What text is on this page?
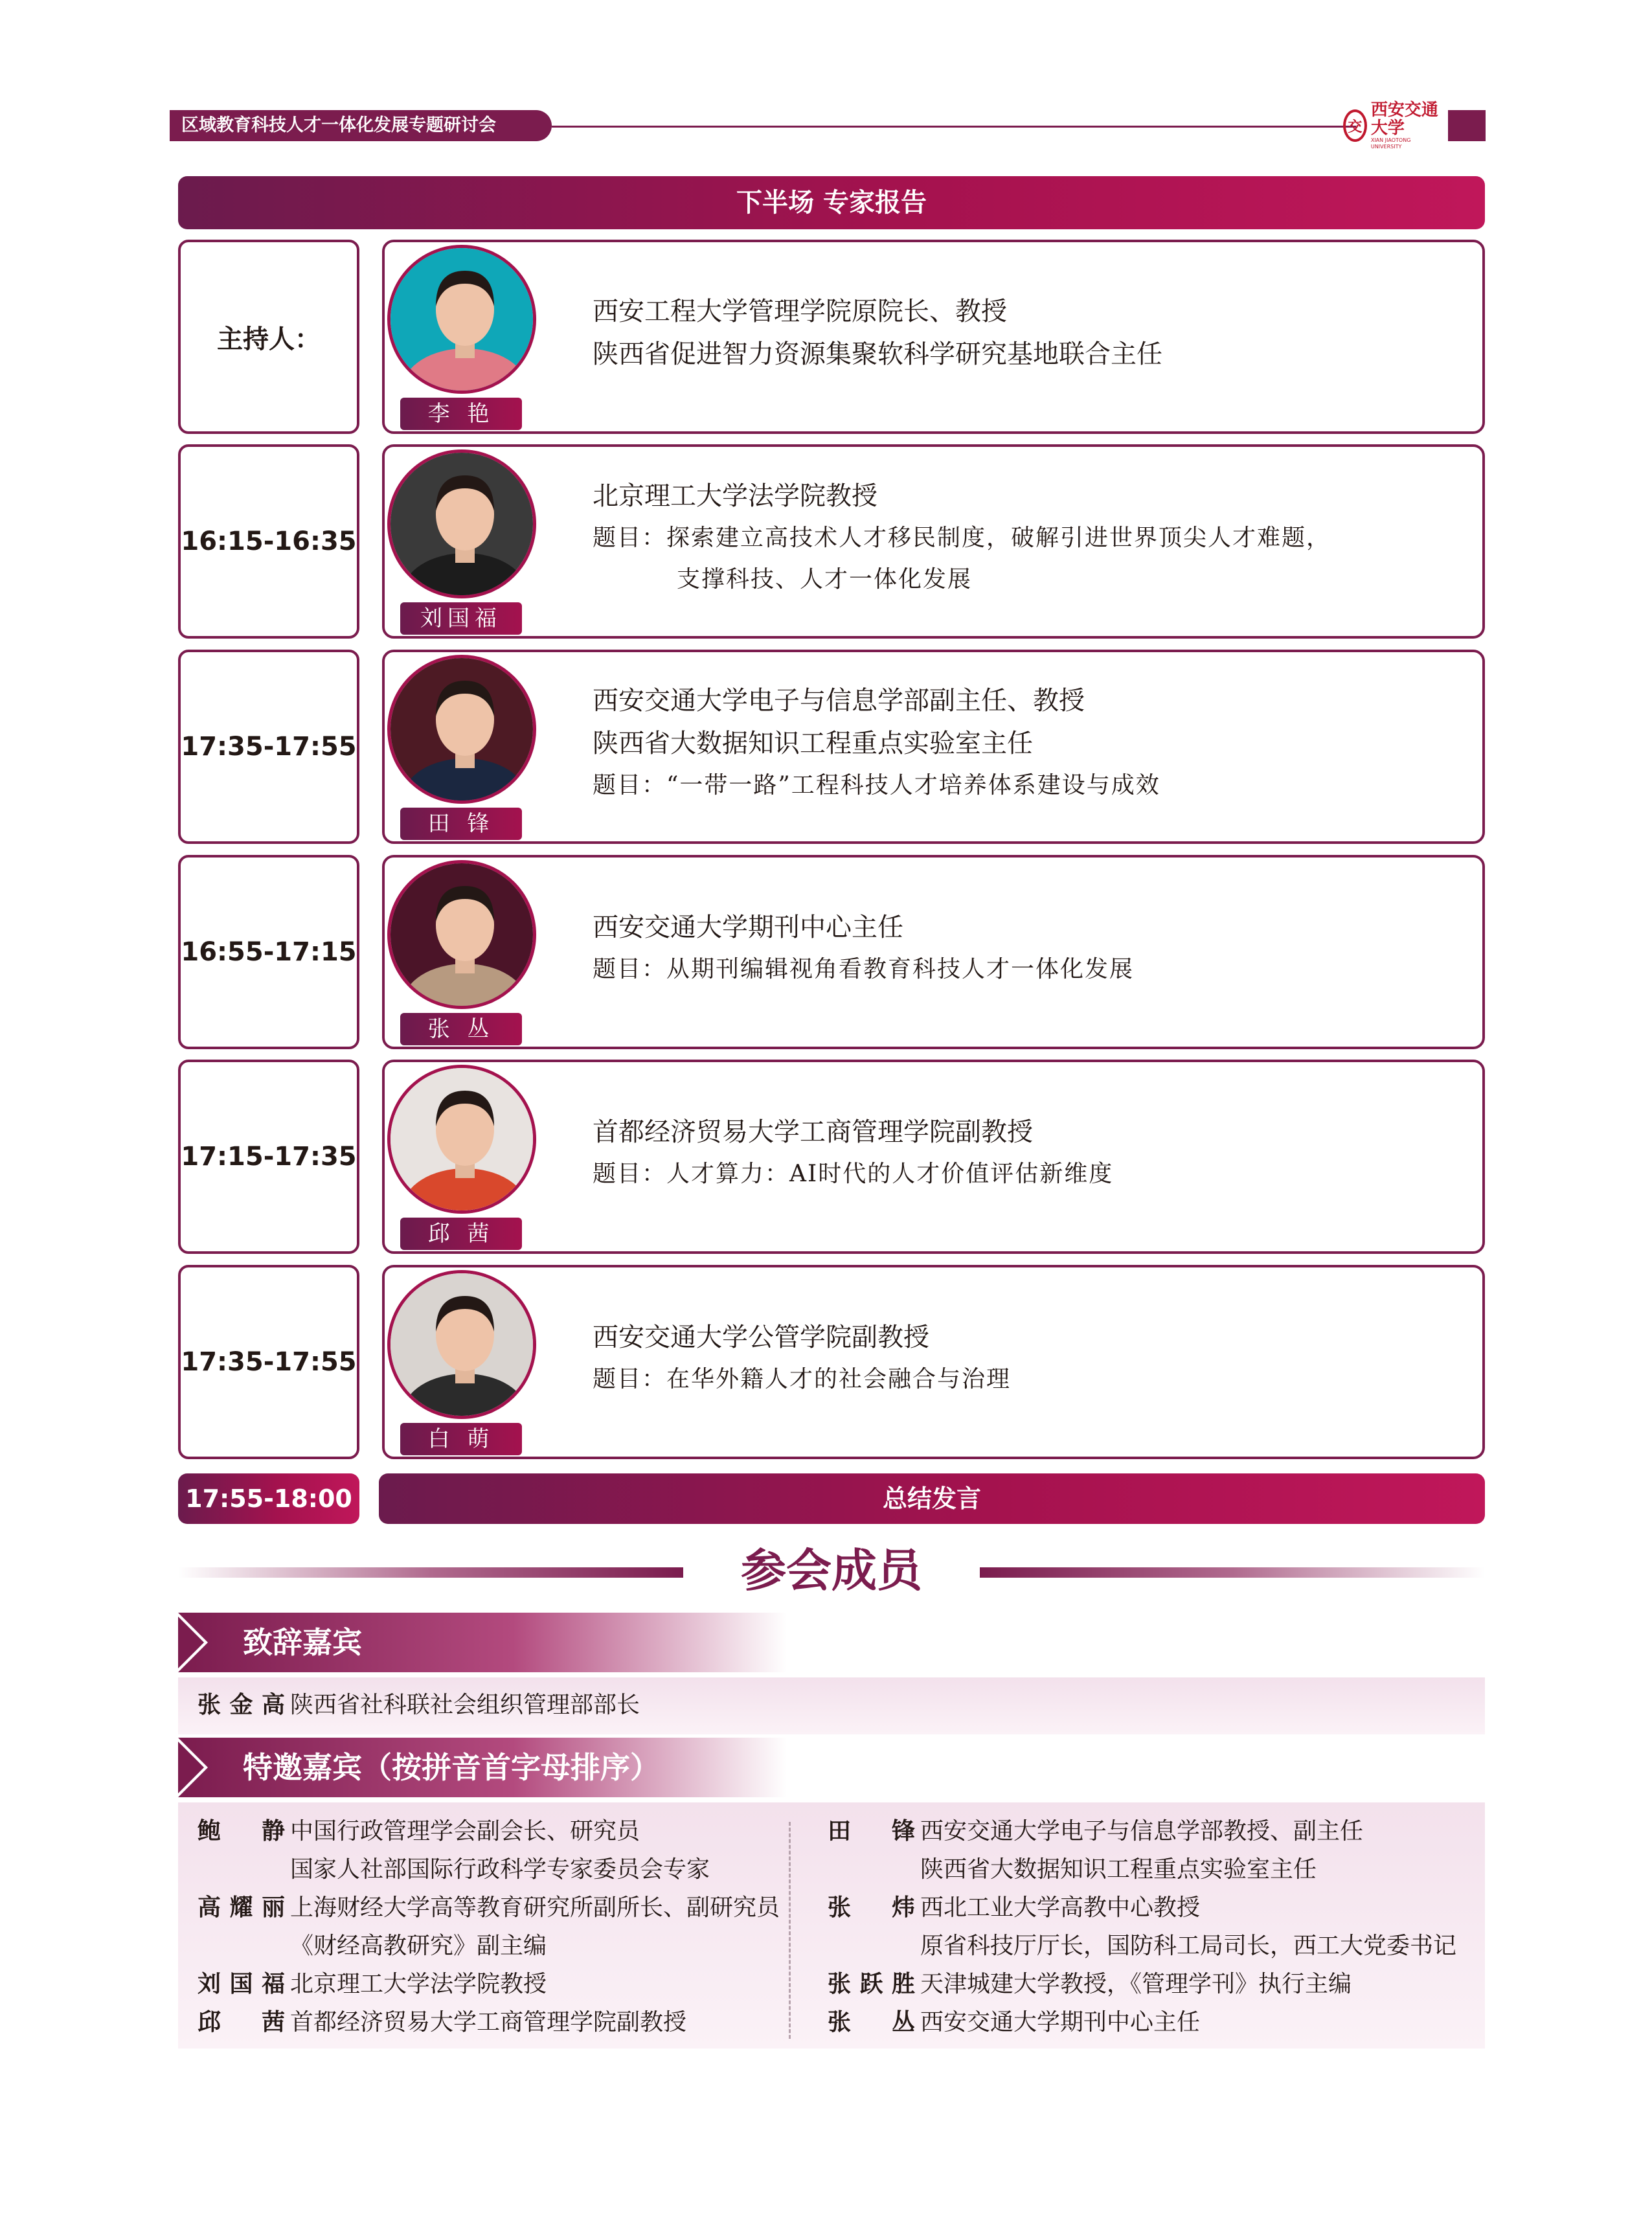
区域教育科技人才一体化发展专题研讨会	交
西安交通大学
XIAN JIAOTONG UNIVERSITY
下半场 专家报告
主持人：
李 艳
西安工程大学管理学院原院长、教授
陕西省促进智力资源集聚软科学研究基地联合主任
16:15-16:35
刘国福
北京理工大学法学院教授
题目：探索建立高技术人才移民制度，破解引进世界顶尖人才难题，
支撑科技、人才一体化发展
17:35-17:55
田 锋
西安交通大学电子与信息学部副主任、教授
陕西省大数据知识工程重点实验室主任
题目：“一带一路”工程科技人才培养体系建设与成效
16:55-17:15
张 丛
西安交通大学期刊中心主任
题目：从期刊编辑视角看教育科技人才一体化发展
17:15-17:35
邱 茜
首都经济贸易大学工商管理学院副教授
题目：人才算力：AI时代的人才价值评估新维度
17:35-17:55
白 萌
西安交通大学公管学院副教授
题目：在华外籍人才的社会融合与治理
17:55-18:00	总结发言
参会成员
致辞嘉宾
张金高 陕西省社科联社会组织管理部部长
特邀嘉宾（按拼音首字母排序）
鲍静 中国行政管理学会副会长、研究员
国家人社部国际行政科学专家委员会专家
高耀丽 上海财经大学高等教育研究所副所长、副研究员
《财经高教研究》副主编
刘国福 北京理工大学法学院教授
邱茜 首都经济贸易大学工商管理学院副教授
田锋 西安交通大学电子与信息学部教授、副主任
陕西省大数据知识工程重点实验室主任
张炜 西北工业大学高教中心教授
原省科技厅厅长，国防科工局司长，西工大党委书记
张跃胜 天津城建大学教授，《管理学刊》执行主编
张丛 西安交通大学期刊中心主任
